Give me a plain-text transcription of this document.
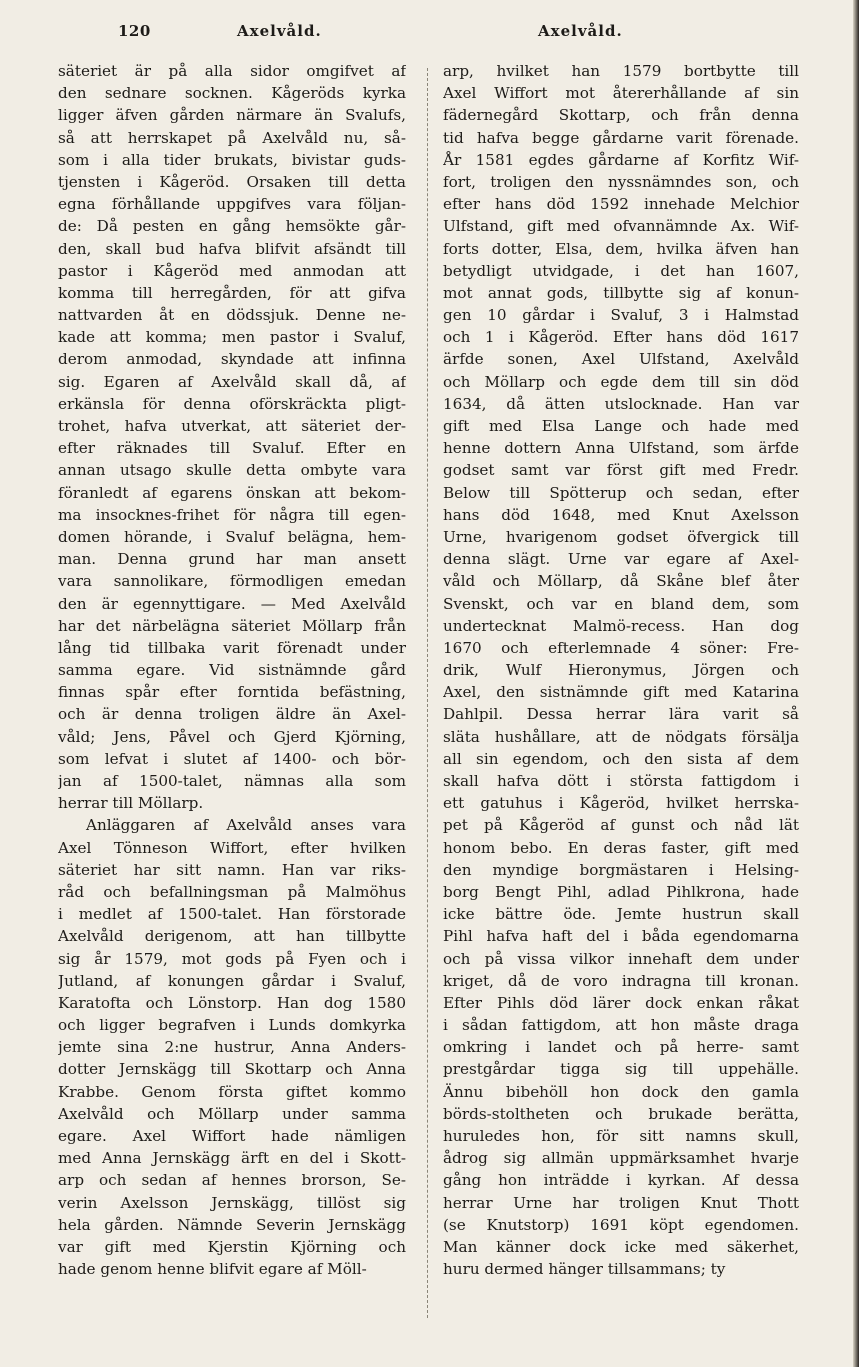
120	Axelvåld.	Axelvåld.
säteriet är på alla sidor omgifvet af
den sednare socknen. Kågeröds kyrka
ligger äfven gården närmare än Svalufs,
så att herrskapet på Axelvåld nu, så-
som i alla tider brukats, bivistar guds-
tjensten i Kågeröd. Orsaken till detta
egna förhållande uppgifves vara följan-
de: Då pesten en gång hemsökte går-
den, skall bud hafva blifvit afsändt till
pastor i Kågeröd med anmodan att
komma till herregården, för att gifva
nattvarden åt en dödssjuk. Denne ne-
kade att komma; men pastor i Svaluf,
derom anmodad, skyndade att infinna
sig. Egaren af Axelvåld skall då, af
erkänsla för denna oförskräckta pligt-
trohet, hafva utverkat, att säteriet der-
efter räknades till Svaluf. Efter en
annan utsago skulle detta ombyte vara
föranledt af egarens önskan att bekom-
ma insocknes-frihet för några till egen-
domen hörande, i Svaluf belägna, hem-
man. Denna grund har man ansett
vara sannolikare, förmodligen emedan
den är egennyttigare. — Med Axelvåld
har det närbelägna säteriet Möllarp från
lång tid tillbaka varit förenadt under
samma egare. Vid sistnämnde gård
finnas spår efter forntida befästning,
och är denna troligen äldre än Axel-
våld; Jens, Påvel och Gjerd Kjörning,
som lefvat i slutet af 1400- och bör-
jan af 1500-talet, nämnas alla som
herrar till Möllarp.
Anläggaren af Axelvåld anses vara
Axel Tönneson Wiffort, efter hvilken
säteriet har sitt namn. Han var riks-
råd och befallningsman på Malmöhus
i medlet af 1500-talet. Han förstorade
Axelvåld derigenom, att han tillbytte
sig år 1579, mot gods på Fyen och i
Jutland, af konungen gårdar i Svaluf,
Karatofta och Lönstorp. Han dog 1580
och ligger begrafven i Lunds domkyrka
jemte sina 2:ne hustrur, Anna Anders-
dotter Jernskägg till Skottarp och Anna
Krabbe. Genom första giftet kommo
Axelvåld och Möllarp under samma
egare. Axel Wiffort hade nämligen
med Anna Jernskägg ärft en del i Skott-
arp och sedan af hennes brorson, Se-
verin Axelsson Jernskägg, tillöst sig
hela gården. Nämnde Severin Jernskägg
var gift med Kjerstin Kjörning och
hade genom henne blifvit egare af Möll-
arp, hvilket han 1579 bortbytte till
Axel Wiffort mot återerhållande af sin
fädernegård Skottarp, och från denna
tid hafva begge gårdarne varit förenade.
År 1581 egdes gårdarne af Korfitz Wif-
fort, troligen den nyssnämndes son, och
efter hans död 1592 innehade Melchior
Ulfstand, gift med ofvannämnde Ax. Wif-
forts dotter, Elsa, dem, hvilka äfven han
betydligt utvidgade, i det han 1607,
mot annat gods, tillbytte sig af konun-
gen 10 gårdar i Svaluf, 3 i Halmstad
och 1 i Kågeröd. Efter hans död 1617
ärfde sonen, Axel Ulfstand, Axelvåld
och Möllarp och egde dem till sin död
1634, då ätten utslocknade. Han var
gift med Elsa Lange och hade med
henne dottern Anna Ulfstand, som ärfde
godset samt var först gift med Fredr.
Below till Spötterup och sedan, efter
hans död 1648, med Knut Axelsson
Urne, hvarigenom godset öfvergick till
denna slägt. Urne var egare af Axel-
våld och Möllarp, då Skåne blef åter
Svenskt, och var en bland dem, som
undertecknat Malmö-recess. Han dog
1670 och efterlemnade 4 söner: Fre-
drik, Wulf Hieronymus, Jörgen och
Axel, den sistnämnde gift med Katarina
Dahlpil. Dessa herrar lära varit så
släta hushållare, att de nödgats försälja
all sin egendom, och den sista af dem
skall hafva dött i största fattigdom i
ett gatuhus i Kågeröd, hvilket herrska-
pet på Kågeröd af gunst och nåd lät
honom bebo. En deras faster, gift med
den myndige borgmästaren i Helsing-
borg Bengt Pihl, adlad Pihlkrona, hade
icke bättre öde. Jemte hustrun skall
Pihl hafva haft del i båda egendomarna
och på vissa vilkor innehaft dem under
kriget, då de voro indragna till kronan.
Efter Pihls död lärer dock enkan råkat
i sådan fattigdom, att hon måste draga
omkring i landet och på herre- samt
prestgårdar tigga sig till uppehälle.
Ännu bibehöll hon dock den gamla
börds-stoltheten och brukade berätta,
huruledes hon, för sitt namns skull,
ådrog sig allmän uppmärksamhet hvarje
gång hon inträdde i kyrkan. Af dessa
herrar Urne har troligen Knut Thott
(se Knutstorp) 1691 köpt egendomen.
Man känner dock icke med säkerhet,
huru dermed hänger tillsammans; ty
